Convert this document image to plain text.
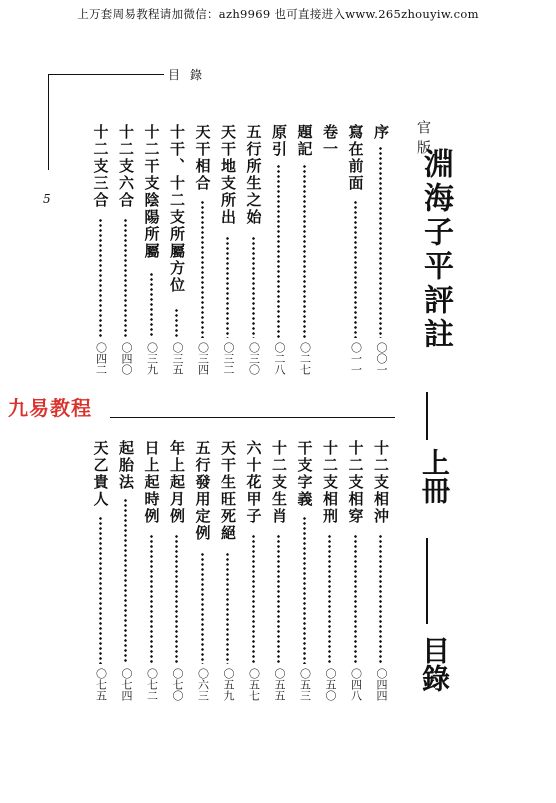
上万套周易教程请加微信：azh9969 也可直接进入www.265zhouyiw.com
目錄
5
九易教程
序
〇〇一
寫在前面
〇一一
卷一
題記
〇二七
原引
〇二八
五行所生之始
〇三〇
天干地支所出
〇三二
天干相合
〇三四
十干、十二支所屬方位
〇三五
十二干支陰陽所屬
〇三九
十二支六合
〇四〇
十二支三合
〇四二
十二支相沖
〇四四
十二支相穿
〇四八
十二支相刑
〇五〇
干支字義
〇五三
十二支生肖
〇五五
六十花甲子
〇五七
天干生旺死絕
〇五九
五行發用定例
〇六三
年上起月例
〇七〇
日上起時例
〇七二
起胎法
〇七四
天乙貴人
〇七五
官版
淵海子平評註
上冊
目錄
